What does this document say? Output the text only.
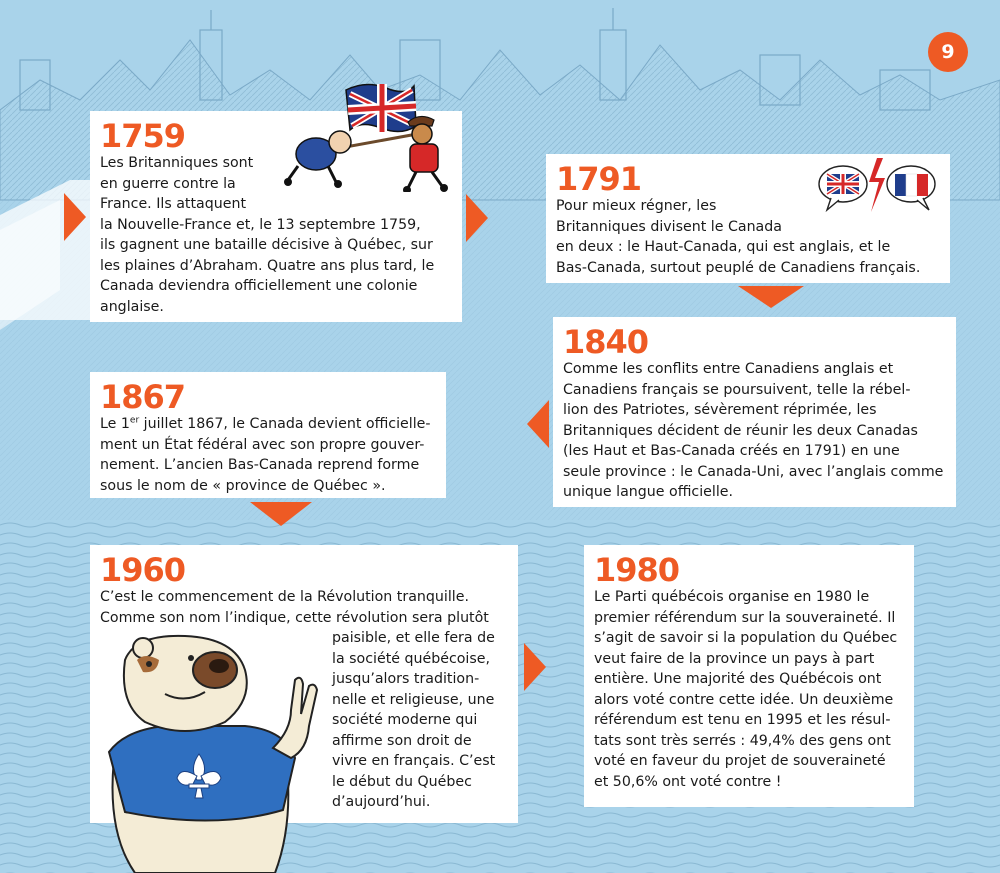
9
1759
Les Britanniques sont
en guerre contre la
France. Ils attaquent
la Nouvelle-France et, le 13 septembre 1759,
ils gagnent une bataille décisive à Québec, sur
les plaines d’Abraham. Quatre ans plus tard, le
Canada deviendra officiellement une colonie
anglaise.
1791
Pour mieux régner, les
Britanniques divisent le Canada
en deux : le Haut-Canada, qui est anglais, et le
Bas-Canada, surtout peuplé de Canadiens français.
1840
Comme les conflits entre Canadiens anglais et
Canadiens français se poursuivent, telle la rébel-
lion des Patriotes, sévèrement réprimée, les
Britanniques décident de réunir les deux Canadas
(les Haut et Bas-Canada créés en 1791) en une
seule province : le Canada-Uni, avec l’anglais comme
unique langue officielle.
1867
Le 1er juillet 1867, le Canada devient officielle-
ment un État fédéral avec son propre gouver-
nement. L’ancien Bas-Canada reprend forme
sous le nom de « province de Québec ».
1960
C’est le commencement de la Révolution tranquille.
Comme son nom l’indique, cette révolution sera plutôt
paisible, et elle fera de
la société québécoise,
jusqu’alors tradition-
nelle et religieuse, une
société moderne qui
affirme son droit de
vivre en français. C’est
le début du Québec
d’aujourd’hui.
1980
Le Parti québécois organise en 1980 le
premier référendum sur la souveraineté. Il
s’agit de savoir si la population du Québec
veut faire de la province un pays à part
entière. Une majorité des Québécois ont
alors voté contre cette idée. Un deuxième
référendum est tenu en 1995 et les résul-
tats sont très serrés : 49,4% des gens ont
voté en faveur du projet de souveraineté
et 50,6% ont voté contre !
